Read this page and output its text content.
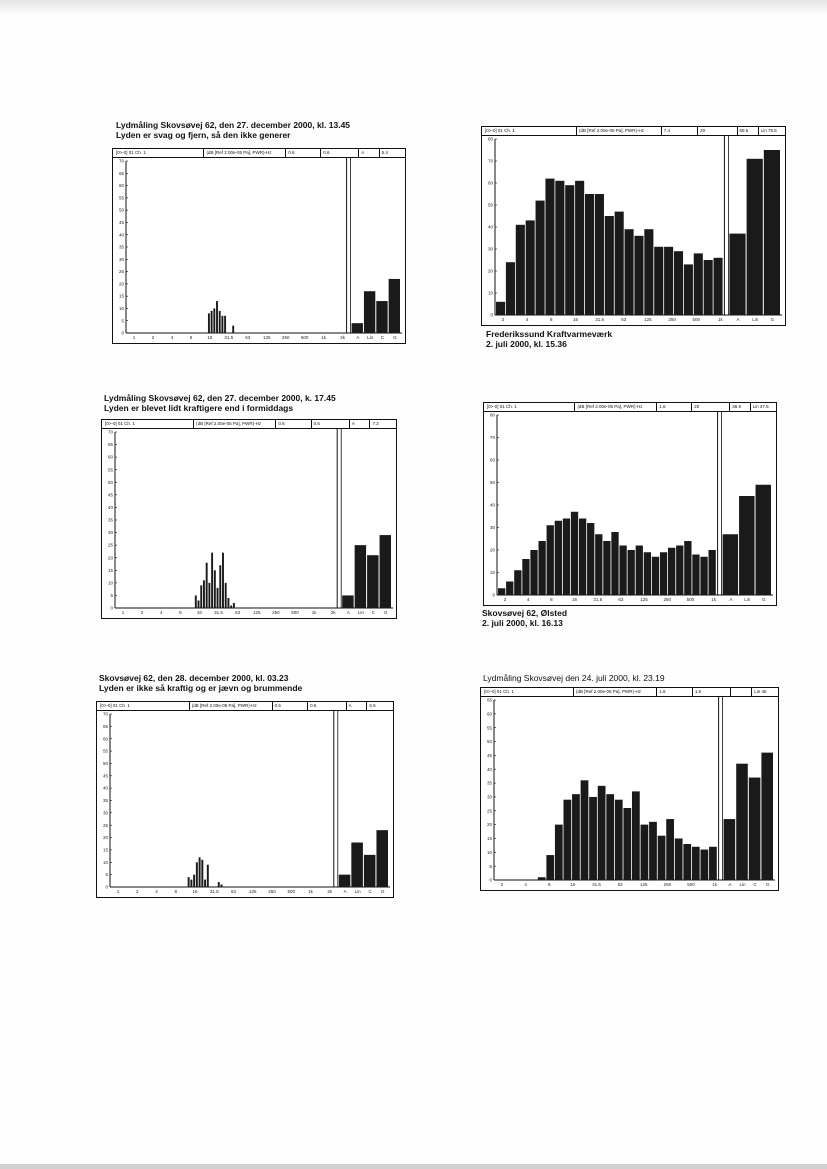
Lydmåling Skovsøvej 62, den 27. december 2000, kl. 13.45
Lyden er svag og fjern, så den ikke generer
Frederikssund Kraftvarmeværk
2. juli 2000, kl. 15.36
Lydmåling Skovsøvej 62, den 27. december 2000, k. 17.45
Lyden er blevet lidt kraftigere end i formiddags
Skovsøvej 62, Ølsted
2. juli 2000, kl. 16.13
Skovsøvej 62, den 28. december 2000, kl. 03.23
Lyden er ikke så kraftig og er jævn og brummende
Lydmåling Skovsøvej den 24. juli 2000, kl. 23.19
[0>-0] 01 Ch. 1	(dB [Ref 2.00e-05 Pa], PWR)-Hz	0.6	0.6	A	5.4
0
5
10
15
20
25
30
35
40
45
50
55
60
65
70
1	2	4	8	16	31.5	63	125	250	500	1k	2k	A Lin C G
[0>-0] 01 Ch. 1	(dB [Ref 2.00e-05 Pa], PWR)-Hz	7.4	20	69.6	Lin 75.5
0
10
20
30
40
50
60
70
80
2	4	8	16	31.5	63	125	250	500	1k	A	Lin	G
[0>-0] 01 Ch. 1	(dB [Ref 2.00e-05 Pa], PWR)-Hz	0.6	0.6	A	7.2
0
5
10
15
20
25
30
35
40
45
50
55
60
65
70
1	2	4	8	16	31.5	63	125	250	500	1k	2k	A Lin C G
[0>-0] 01 Ch. 1	(dB [Ref 2.00e-05 Pa], PWR)-Hz	1.6	20	36.9	Lin 47.5
0
10
20
30
40
50
60
70
80
2	4	8	16	31.5	63	125	250	500	1k	A	Lin	G
[0>-0] 01 Ch. 1	(dB [Ref 2.00e-05 Pa], PWR)-Hz	0.6	0.6	A	6.5
0
5
10
15
20
25
30
35
40
45
50
55
60
65
70
1	2	4	8	16	31.5	63	125	250	500	1k	2k	A Lin C G
[0>-0] 01 Ch. 1	(dB [Ref 2.00e-05 Pa], PWR)-Hz	1.6	1.6	Lin 46
0
5
10
15
20
25
30
35
40
45
50
55
60
65
2	4	8	16	31.5	63	125	250	500	1k	A Lin C G
